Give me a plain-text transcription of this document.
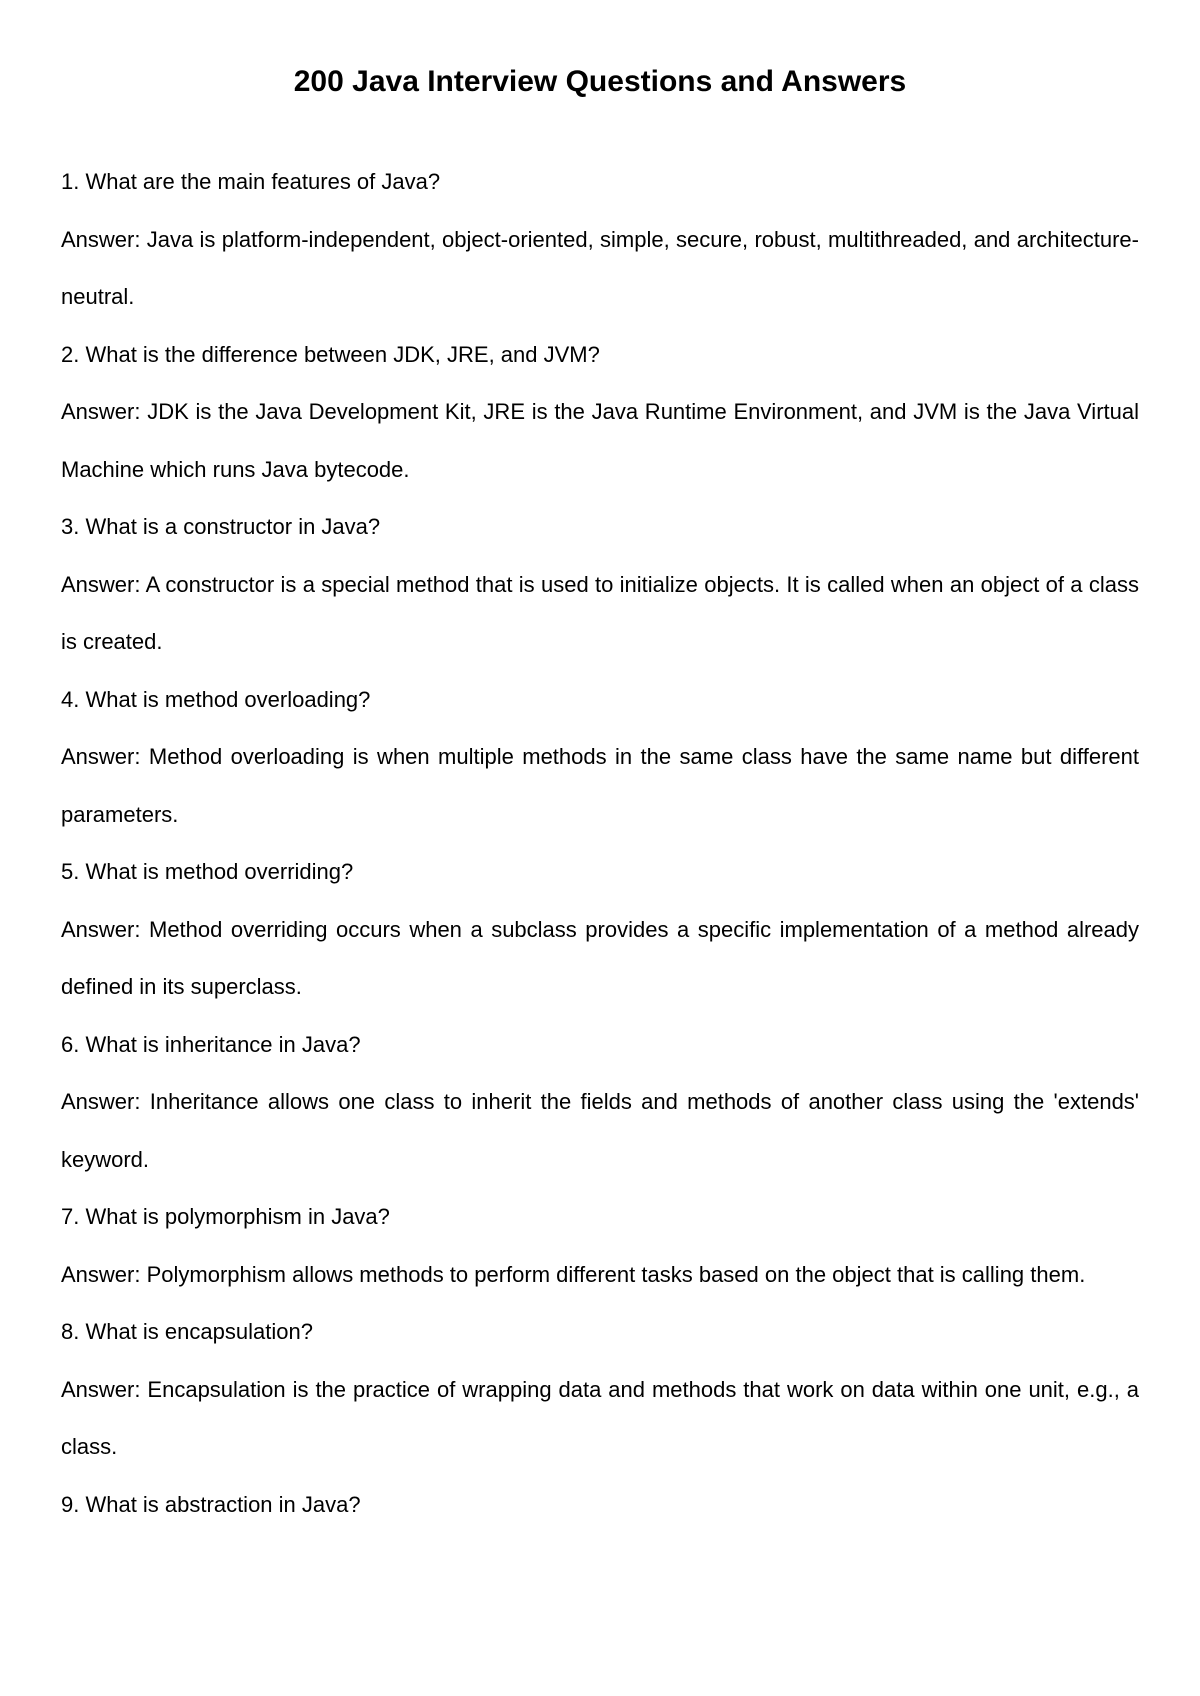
200 Java Interview Questions and Answers

1. What are the main features of Java?

Answer: Java is platform-independent, object-oriented, simple, secure, robust, multithreaded, and architecture-neutral.

2. What is the difference between JDK, JRE, and JVM?

Answer: JDK is the Java Development Kit, JRE is the Java Runtime Environment, and JVM is the Java Virtual Machine which runs Java bytecode.

3. What is a constructor in Java?

Answer: A constructor is a special method that is used to initialize objects. It is called when an object of a class is created.

4. What is method overloading?

Answer: Method overloading is when multiple methods in the same class have the same name but different parameters.

5. What is method overriding?

Answer: Method overriding occurs when a subclass provides a specific implementation of a method already defined in its superclass.

6. What is inheritance in Java?

Answer: Inheritance allows one class to inherit the fields and methods of another class using the 'extends' keyword.

7. What is polymorphism in Java?

Answer: Polymorphism allows methods to perform different tasks based on the object that is calling them.

8. What is encapsulation?

Answer: Encapsulation is the practice of wrapping data and methods that work on data within one unit, e.g., a class.

9. What is abstraction in Java?
